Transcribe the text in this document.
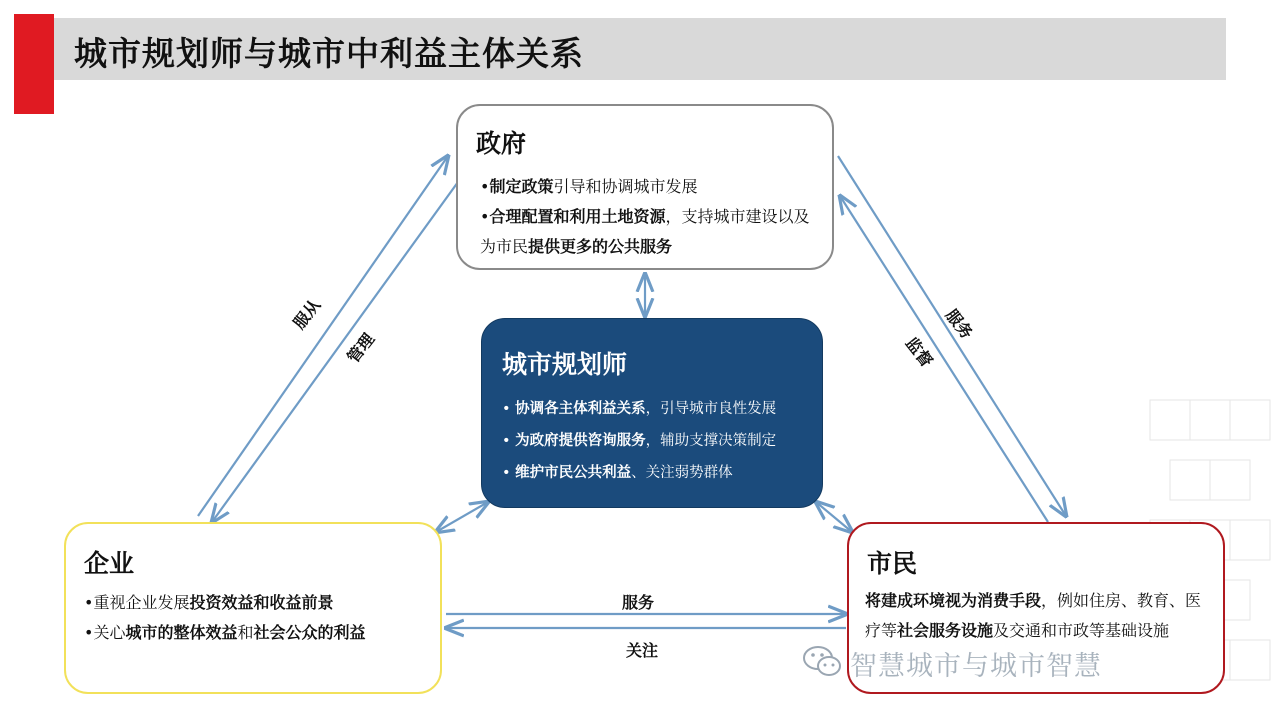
城市规划师与城市中利益主体关系
政府
•制定政策引导和协调城市发展
•合理配置和利用土地资源，支持城市建设以及为市民提供更多的公共服务
城市规划师
• 协调各主体利益关系，引导城市良性发展
• 为政府提供咨询服务，辅助支撑决策制定
• 维护市民公共利益、关注弱势群体
企业
•重视企业发展投资效益和收益前景
•关心城市的整体效益和社会公众的利益
市民
将建成环境视为消费手段，例如住房、教育、医疗等社会服务设施及交通和市政等基础设施
服从
管理
服务
监督
服务
关注
智慧城市与城市智慧
